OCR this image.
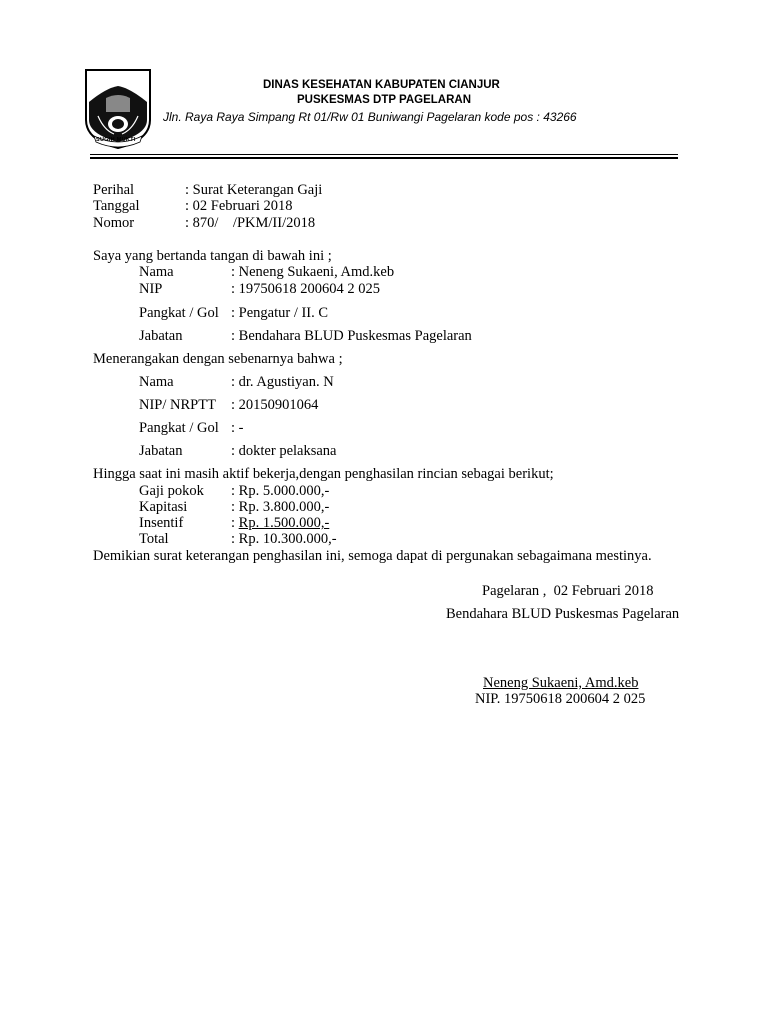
SUGIH MUKTI
DINAS KESEHATAN KABUPATEN CIANJUR
PUSKESMAS DTP PAGELARAN
Jln. Raya Raya Simpang Rt 01/Rw 01 Buniwangi Pagelaran kode pos : 43266
Perihal	: Surat Keterangan Gaji
Tanggal	: 02 Februari 2018
Nomor	: 870/    /PKM/II/2018
Saya yang bertanda tangan di bawah ini ;
Nama	: Neneng Sukaeni, Amd.keb
NIP	: 19750618 200604 2 025
Pangkat / Gol : Pengatur / II. C
Jabatan	: Bendahara BLUD Puskesmas Pagelaran
Menerangakan dengan sebenarnya bahwa ;
Nama	: dr. Agustiyan. N
NIP/ NRPTT : 20150901064
Pangkat / Gol : -
Jabatan	: dokter pelaksana
Hingga saat ini masih aktif bekerja,dengan penghasilan rincian sebagai berikut;
Gaji pokok : Rp. 5.000.000,-
Kapitasi	: Rp. 3.800.000,-
Insentif	: Rp. 1.500.000,-
Total	: Rp. 10.300.000,-
Demikian surat keterangan penghasilan ini, semoga dapat di pergunakan sebagaimana mestinya.
Pagelaran ,  02 Februari 2018
Bendahara BLUD Puskesmas Pagelaran
Neneng Sukaeni, Amd.keb
NIP. 19750618 200604 2 025
